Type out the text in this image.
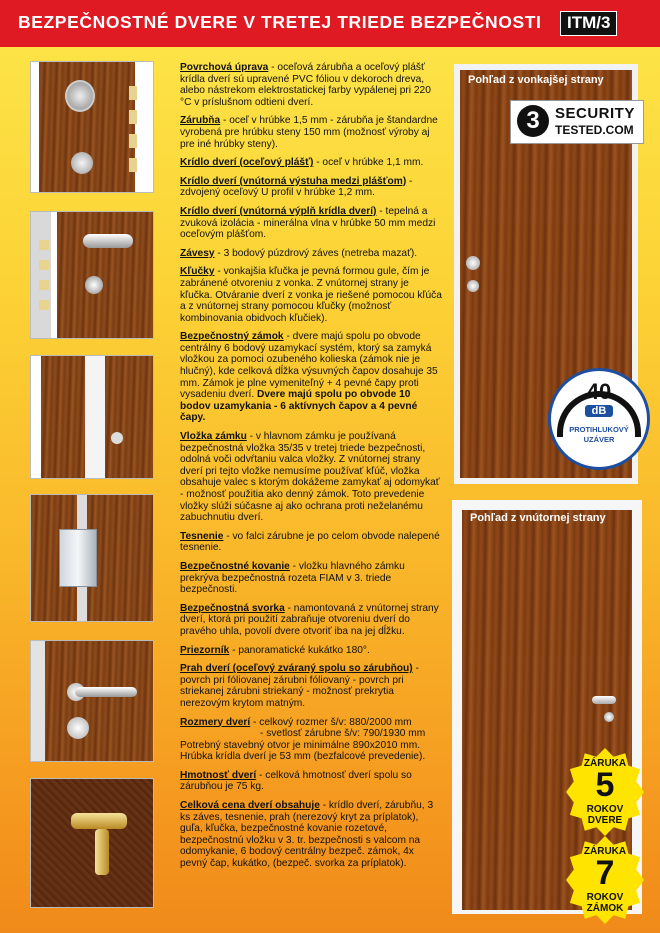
BEZPEČNOSTNÉ DVERE V TRETEJ TRIEDE BEZPEČNOSTI	ITM/3

Povrchová úprava - oceľová zárubňa a oceľový plášť krídla dverí sú upravené PVC fóliou v dekoroch dreva, alebo nástrekom elektrostatickej farby vypálenej pri 220 °C v príslušnom odtieni dverí.

Zárubňa - oceľ v hrúbke 1,5 mm - zárubňa je štandardne vyrobená pre hrúbku steny 150 mm (možnosť výroby aj pre iné hrúbky steny).

Krídlo dverí (oceľový plášť) - oceľ v hrúbke 1,1 mm.

Krídlo dverí (vnútorná výstuha medzi plášťom) - zdvojený oceľový U profil v hrúbke 1,2 mm.

Krídlo dverí (vnútorná výplň krídla dverí) - tepelná a zvuková izolácia - minerálna vlna v hrúbke 50 mm medzi oceľovým plášťom.

Závesy - 3 bodový púzdrový záves (netreba mazať).

Kľučky - vonkajšia kľučka je pevná formou gule, čím je zabránené otvoreniu z vonka. Z vnútornej strany je kľučka. Otváranie dverí z vonka je riešené pomocou kľúča a z vnútornej strany pomocou kľučky (možnosť kombinovania obidvoch kľučiek).

Bezpečnostný zámok - dvere majú spolu po obvode centrálny 6 bodový uzamykací systém, ktorý sa zamyká vložkou za pomoci ozubeného kolieska (zámok nie je hlučný), kde celková dĺžka výsuvných čapov dosahuje 35 mm. Zámok je plne vymeniteľný + 4 pevné čapy proti vysadeniu dverí. Dvere majú spolu po obvode 10 bodov uzamykania - 6 aktívnych čapov a 4 pevné čapy.

Vložka zámku - v hlavnom zámku je používaná bezpečnostná vložka 35/35 v tretej triede bezpečnosti, odolná voči odvŕtaniu valca vložky. Z vnútornej strany dverí pri tejto vložke nemusíme používať kľúč, vložka obsahuje valec s ktorým dokážeme zamykať aj odomykať - možnosť použitia ako denný zámok. Toto prevedenie vložky slúži súčasne aj ako ochrana proti neželanému zabuchnutiu dverí.

Tesnenie - vo falci zárubne je po celom obvode nalepené tesnenie.

Bezpečnostné kovanie - vložku hlavného zámku prekrýva bezpečnostná rozeta FIAM v 3. triede bezpečnosti.

Bezpečnostná svorka - namontovaná z vnútornej strany dverí, ktorá pri použití zabraňuje otvoreniu dverí do pravého uhla, povolí dvere otvoriť iba na jej dĺžku.

Priezorník - panoramatické kukátko 180°.

Prah dverí (oceľový zváraný spolu so zárubňou) - povrch pri fóliovanej zárubni fóliovaný - povrch pri striekanej zárubni striekaný - možnosť prekrytia nerezovým krytom matným.

Rozmery dverí - celkový rozmer š/v: 880/2000 mm
- svetlosť zárubne š/v: 790/1930 mm
Potrebný stavebný otvor je minimálne 890x2010 mm.
Hrúbka krídla dverí je 53 mm (bezfalcové prevedenie).

Hmotnosť dverí - celková hmotnosť dverí spolu so zárubňou je 75 kg.

Celková cena dverí obsahuje - krídlo dverí, zárubňu, 3 ks záves, tesnenie, prah (nerezový kryt za príplatok), guľa, kľučka, bezpečnostné kovanie rozetové, bezpečnostnú vložku v 3. tr. bezpečnosti s valcom na odomykanie, 6 bodový centrálny bezpeč. zámok, 4x pevný čap, kukátko, (bezpeč. svorka za príplatok).

Pohľad z vonkajšej strany
3	SECURITY
TESTED.COM
40
dB
PROTIHLUKOVÝ
UZÁVER
Pohľad z vnútornej strany
ZÁRUKA
5
ROKOV
DVERE
ZÁRUKA
7
ROKOV
ZÁMOK
